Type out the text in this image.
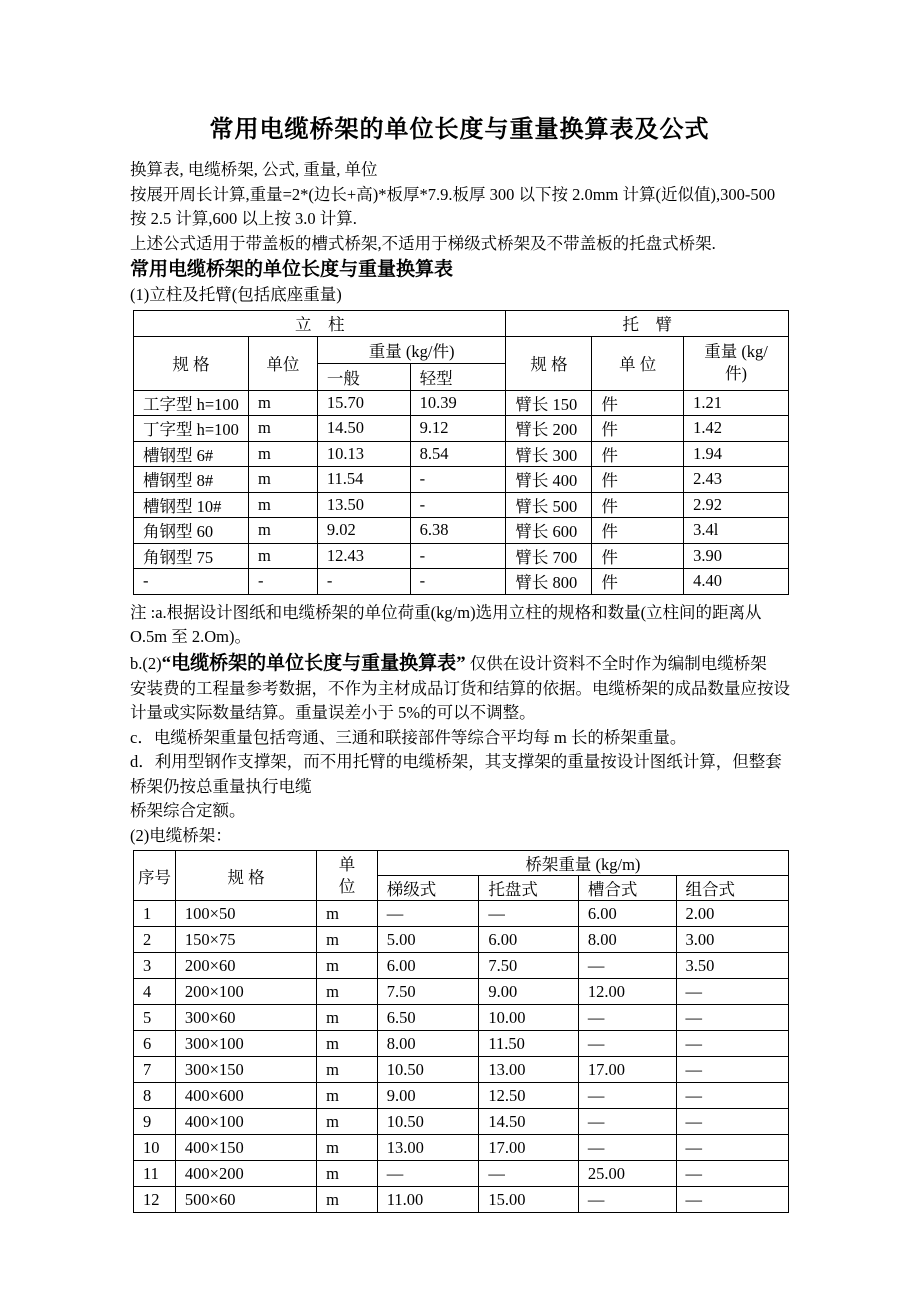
常用电缆桥架的单位长度与重量换算表及公式

换算表, 电缆桥架, 公式, 重量, 单位

按展开周长计算,重量=2*(边长+高)*板厚*7.9.板厚 300 以下按 2.0mm 计算(近似值),300-500

按 2.5 计算,600 以上按 3.0 计算.

上述公式适用于带盖板的槽式桥架,不适用于梯级式桥架及不带盖板的托盘式桥架.

常用电缆桥架的单位长度与重量换算表

(1)立柱及托臂(包括底座重量)

立　柱				托　臂		
规 格	单位	重量 (kg/件)		规 格	单 位	重量 (kg/
件)

		一般	轻型			
工字型 h=100	m	15.70	10.39	臂长 150	件	1.21
丁字型 h=100	m	14.50	9.12	臂长 200	件	1.42
槽钢型 6#	m	10.13	8.54	臂长 300	件	1.94
槽钢型 8#	m	11.54	-	臂长 400	件	2.43
槽钢型 10#	m	13.50	-	臂长 500	件	2.92
角钢型 60	m	9.02	6.38	臂长 600	件	3.4l
角钢型 75	m	12.43	-	臂长 700	件	3.90
-	-	-	-	臂长 800	件	4.40

注 :a.根据设计图纸和电缆桥架的单位荷重(kg/m)选用立柱的规格和数量(立柱间的距离从

O.5m 至 2.Om)。

b.(2)“电缆桥架的单位长度与重量换算表” 仅供在设计资料不全时作为编制电缆桥架

安装费的工程量参考数据，不作为主材成品订货和结算的依据。电缆桥架的成品数量应按设

计量或实际数量结算。重量误差小于 5%的可以不调整。

c．电缆桥架重量包括弯通、三通和联接部件等综合平均每 m 长的桥架重量。

d．利用型钢作支撑架，而不用托臂的电缆桥架，其支撑架的重量按设计图纸计算，但整套

桥架仍按总重量执行电缆

桥架综合定额。

(2)电缆桥架：

序号	规 格	单
位	桥架重量 (kg/m)			
			梯级式	托盘式	槽合式	组合式
1	100×50	m	—	—	6.00	2.00
2	150×75	m	5.00	6.00	8.00	3.00
3	200×60	m	6.00	7.50	—	3.50
4	200×100	m	7.50	9.00	12.00	—
5	300×60	m	6.50	10.00	—	—
6	300×100	m	8.00	11.50	—	—
7	300×150	m	10.50	13.00	17.00	—
8	400×600	m	9.00	12.50	—	—
9	400×100	m	10.50	14.50	—	—
10	400×150	m	13.00	17.00	—	—
11	400×200	m	—	—	25.00	—
12	500×60	m	11.00	15.00	—	—
